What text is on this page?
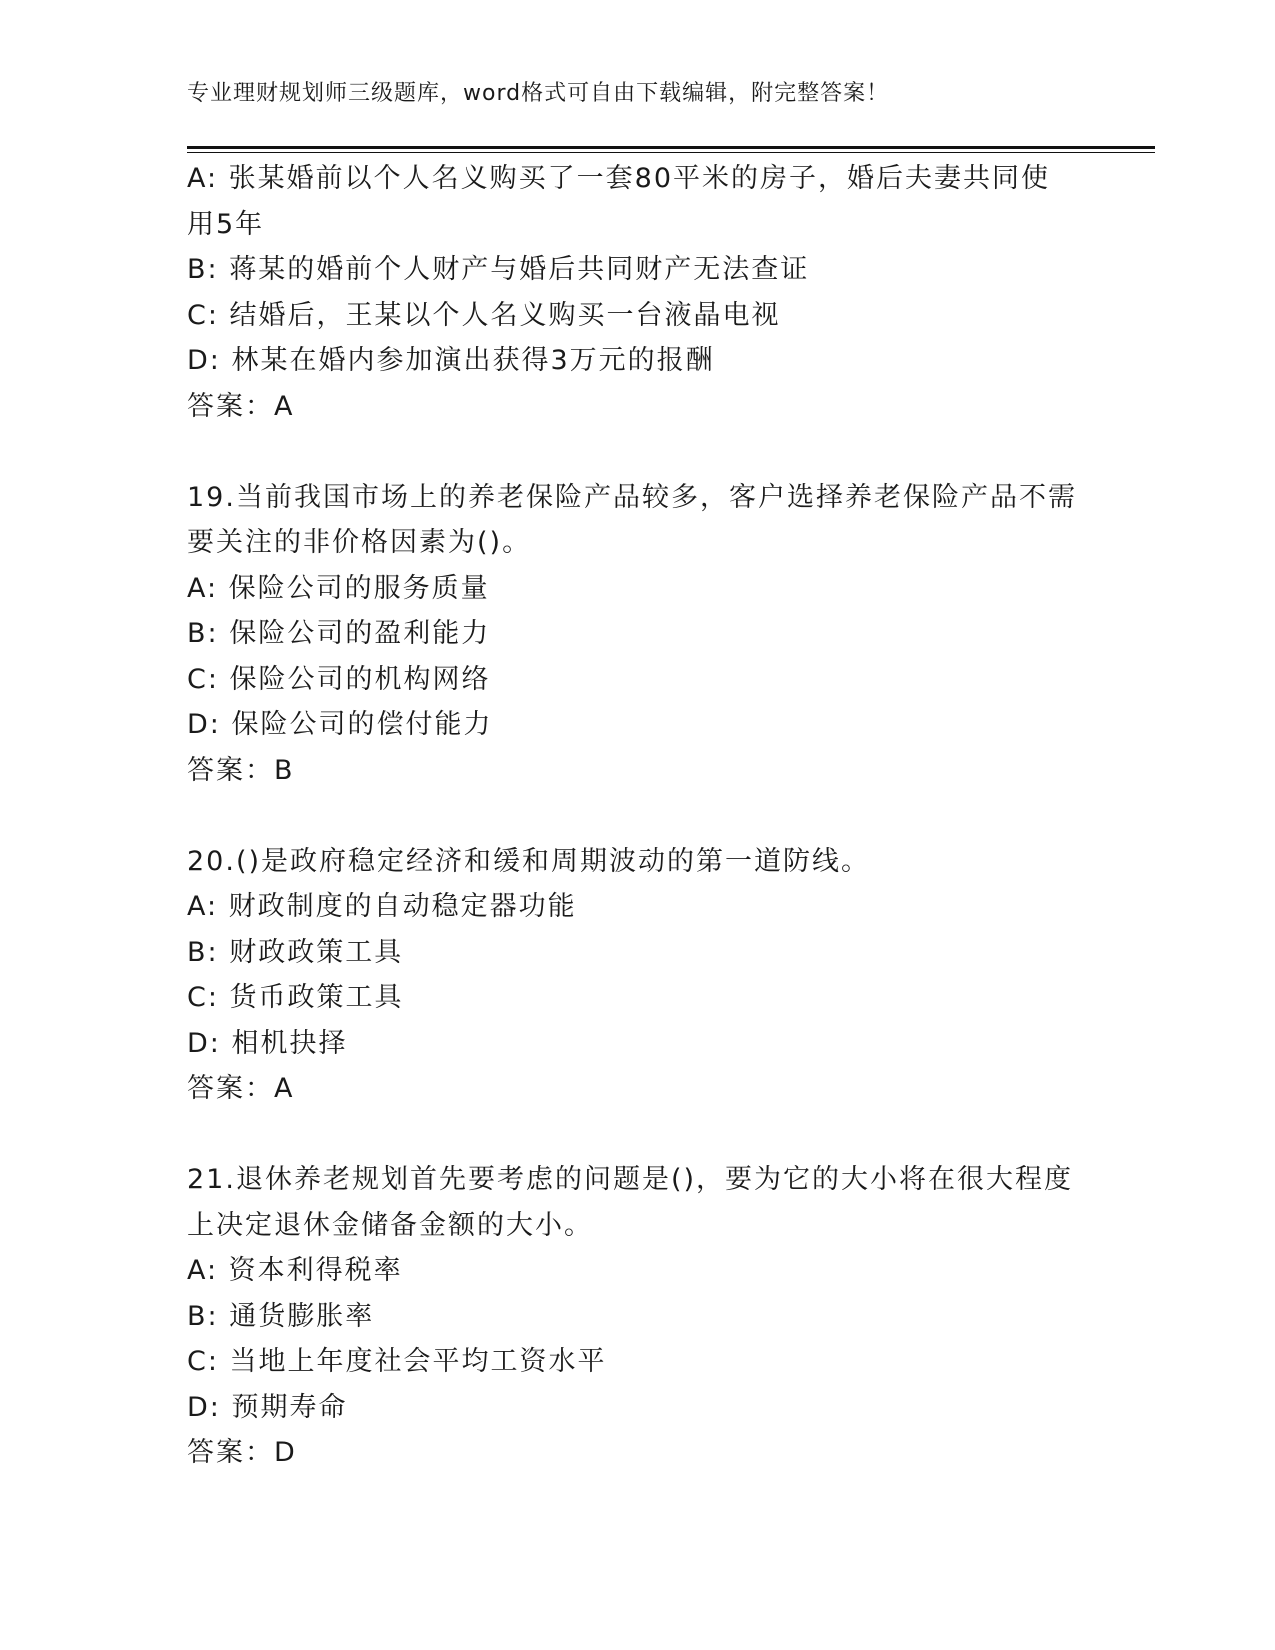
专业理财规划师三级题库，word格式可自由下载编辑，附完整答案！
A: 张某婚前以个人名义购买了一套80平米的房子，婚后夫妻共同使
用5年
B: 蒋某的婚前个人财产与婚后共同财产无法查证
C: 结婚后，王某以个人名义购买一台液晶电视
D: 林某在婚内参加演出获得3万元的报酬
答案：A
19.当前我国市场上的养老保险产品较多，客户选择养老保险产品不需
要关注的非价格因素为()。
A: 保险公司的服务质量
B: 保险公司的盈利能力
C: 保险公司的机构网络
D: 保险公司的偿付能力
答案：B
20.()是政府稳定经济和缓和周期波动的第一道防线。
A: 财政制度的自动稳定器功能
B: 财政政策工具
C: 货币政策工具
D: 相机抉择
答案：A
21.退休养老规划首先要考虑的问题是()，要为它的大小将在很大程度
上决定退休金储备金额的大小。
A: 资本利得税率
B: 通货膨胀率
C: 当地上年度社会平均工资水平
D: 预期寿命
答案：D
